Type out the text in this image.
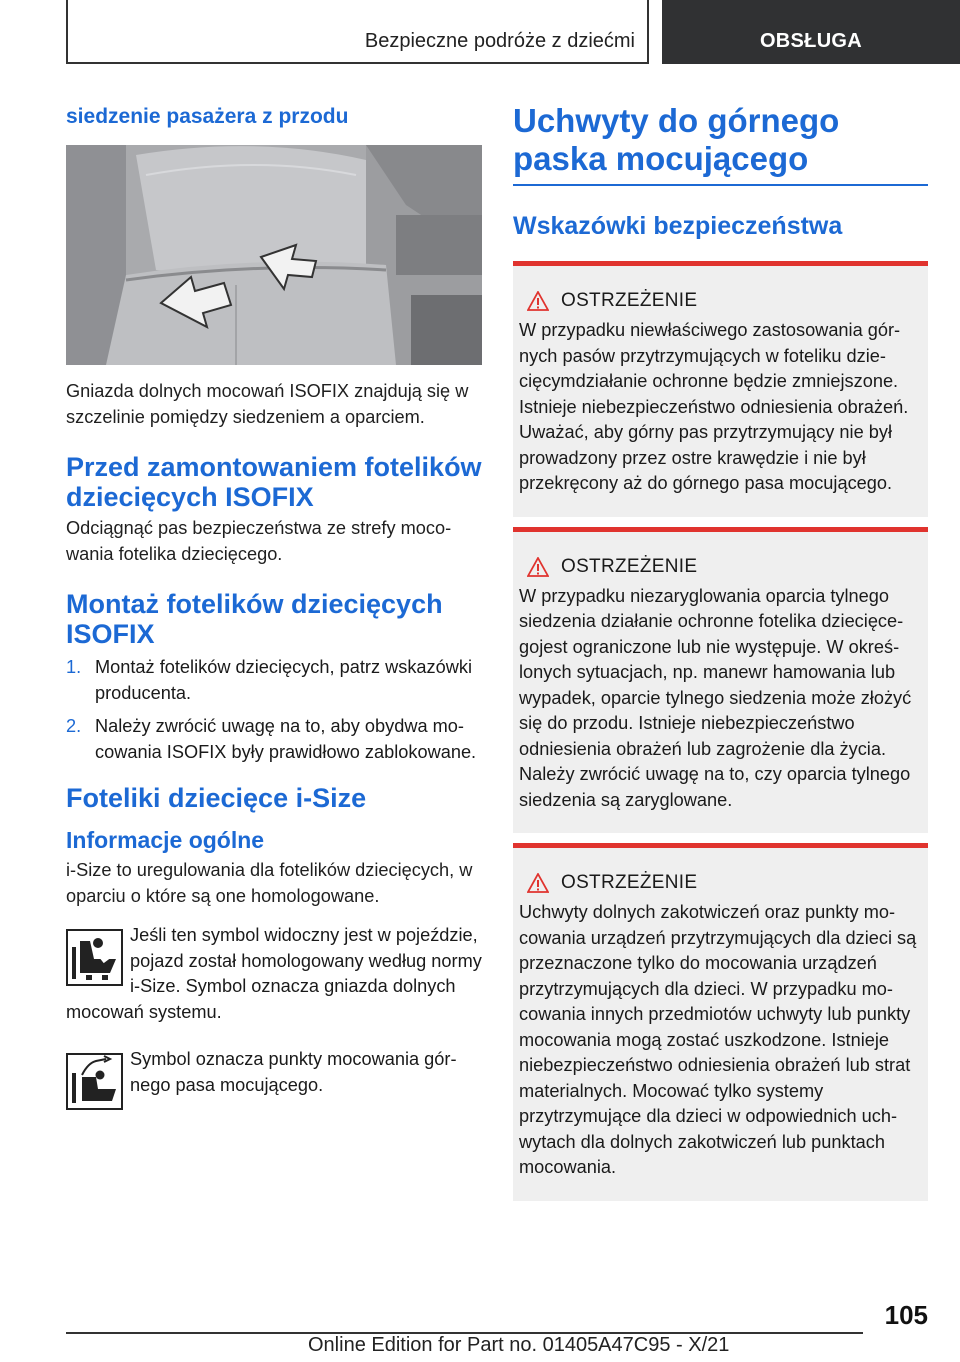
Bezpieczne podróże z dziećmi	OBSŁUGA
siedzenie pasażera z przodu
Gniazda dolnych mocowań ISOFIX znajdują się w szczelinie pomiędzy siedzeniem a oparciem.
Przed zamontowaniem fotelików dziecięcych ISOFIX
Odciągnąć pas bezpieczeństwa ze strefy mocowania fotelika dziecięcego.
Montaż fotelików dziecięcych ISOFIX
1. Montaż fotelików dziecięcych, patrz wskazówki producenta.
2. Należy zwrócić uwagę na to, aby obydwa mocowania ISOFIX były prawidłowo zablokowane.
Foteliki dziecięce i-Size
Informacje ogólne
i-Size to uregulowania dla fotelików dziecięcych, w oparciu o które są one homologowane.
Jeśli ten symbol widoczny jest w pojeździe, pojazd został homologowany według normy i-Size. Symbol oznacza gniazda dolnych mocowań systemu.
Symbol oznacza punkty mocowania górnego pasa mocującego.
Uchwyty do górnego paska mocującego
Wskazówki bezpieczeństwa
OSTRZEŻENIE
W przypadku niewłaściwego zastosowania górnych pasów przytrzymujących w foteliku dziecięcymdziałanie ochronne będzie zmniejszone. Istnieje niebezpieczeństwo odniesienia obrażeń. Uważać, aby górny pas przytrzymujący nie był prowadzony przez ostre krawędzie i nie był przekręcony aż do górnego pasa mocującego.
OSTRZEŻENIE
W przypadku niezaryglowania oparcia tylnego siedzenia działanie ochronne fotelika dziecięcegojest ograniczone lub nie występuje. W określonych sytuacjach, np. manewr hamowania lub wypadek, oparcie tylnego siedzenia może złożyć się do przodu. Istnieje niebezpieczeństwo odniesienia obrażeń lub zagrożenie dla życia. Należy zwrócić uwagę na to, czy oparcia tylnego siedzenia są zaryglowane.
OSTRZEŻENIE
Uchwyty dolnych zakotwiczeń oraz punkty mocowania urządzeń przytrzymujących dla dzieci są przeznaczone tylko do mocowania urządzeń przytrzymujących dla dzieci. W przypadku mocowania innych przedmiotów uchwyty lub punkty mocowania mogą zostać uszkodzone. Istnieje niebezpieczeństwo odniesienia obrażeń lub strat materialnych. Mocować tylko systemy przytrzymujące dla dzieci w odpowiednich uchwytach dla dolnych zakotwiczeń lub punktach mocowania.
105
Online Edition for Part no. 01405A47C95 - X/21
